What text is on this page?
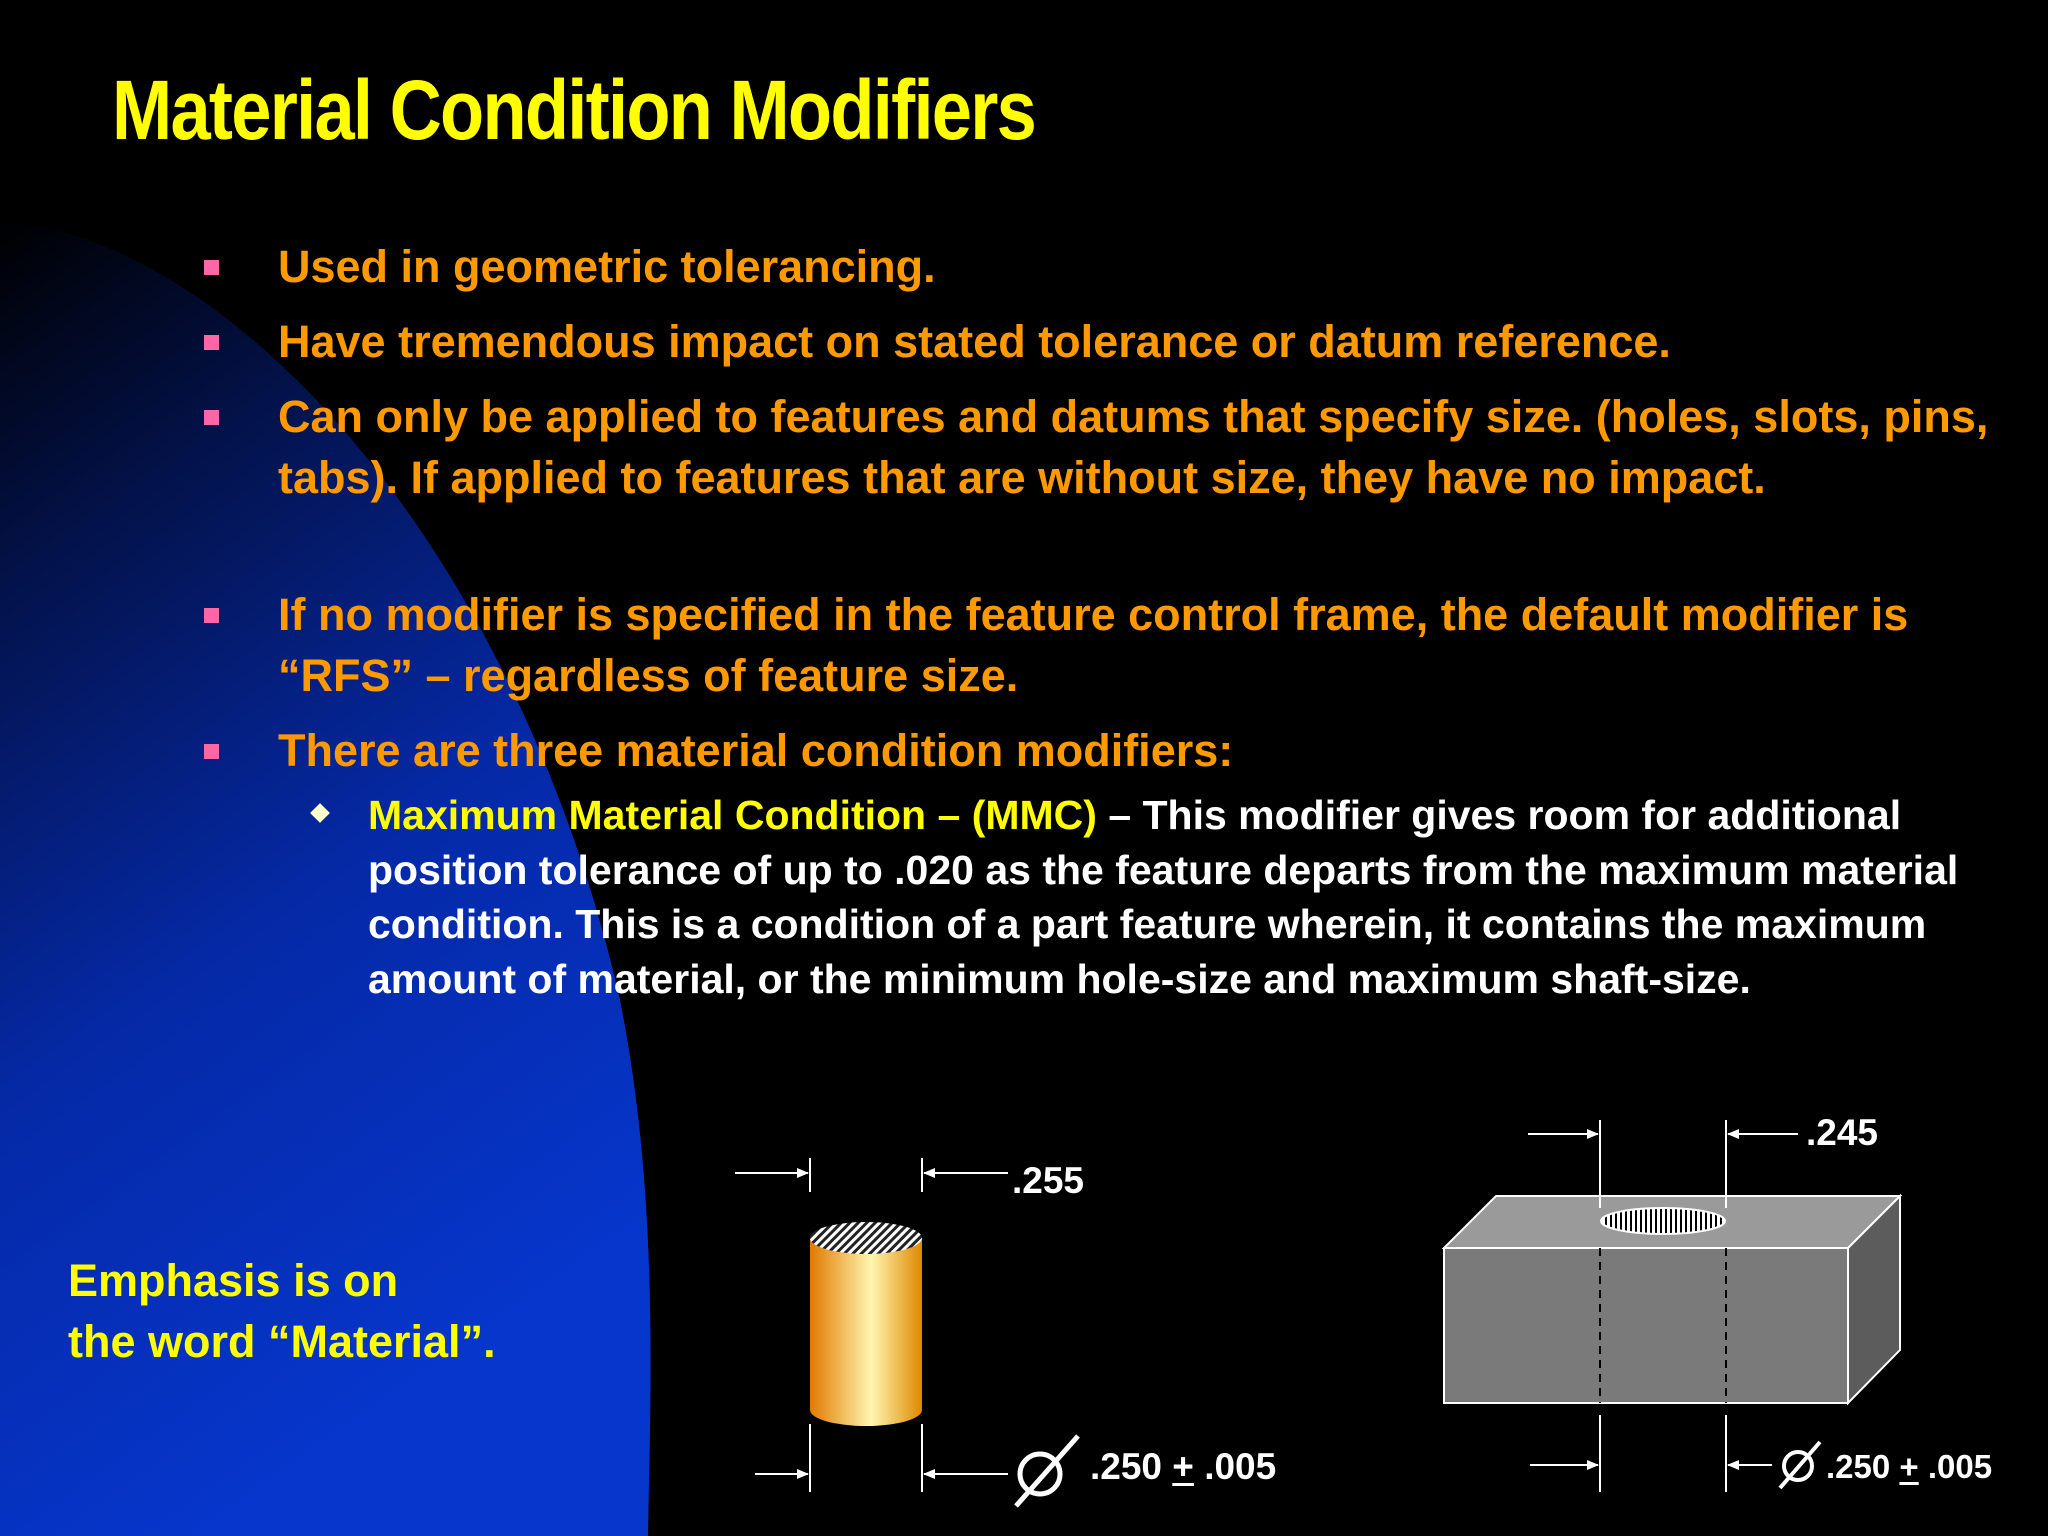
Material Condition Modifiers
Used in geometric tolerancing.
Have tremendous impact on stated tolerance or datum reference.
Can only be applied to features and datums that specify size. (holes, slots, pins, tabs). If applied to features that are without size, they have no impact.
If no modifier is specified in the feature control frame, the default modifier is “RFS” – regardless of feature size.
There are three material condition modifiers:
Maximum Material Condition – (MMC) – This modifier gives room for additional position tolerance of up to .020 as the feature departs from the maximum material condition. This is a condition of a part feature wherein, it contains the maximum amount of material, or the minimum hole-size and maximum shaft-size.
Emphasis is on
the word “Material”.
.255
.250 + .005
.245
.250 + .005
